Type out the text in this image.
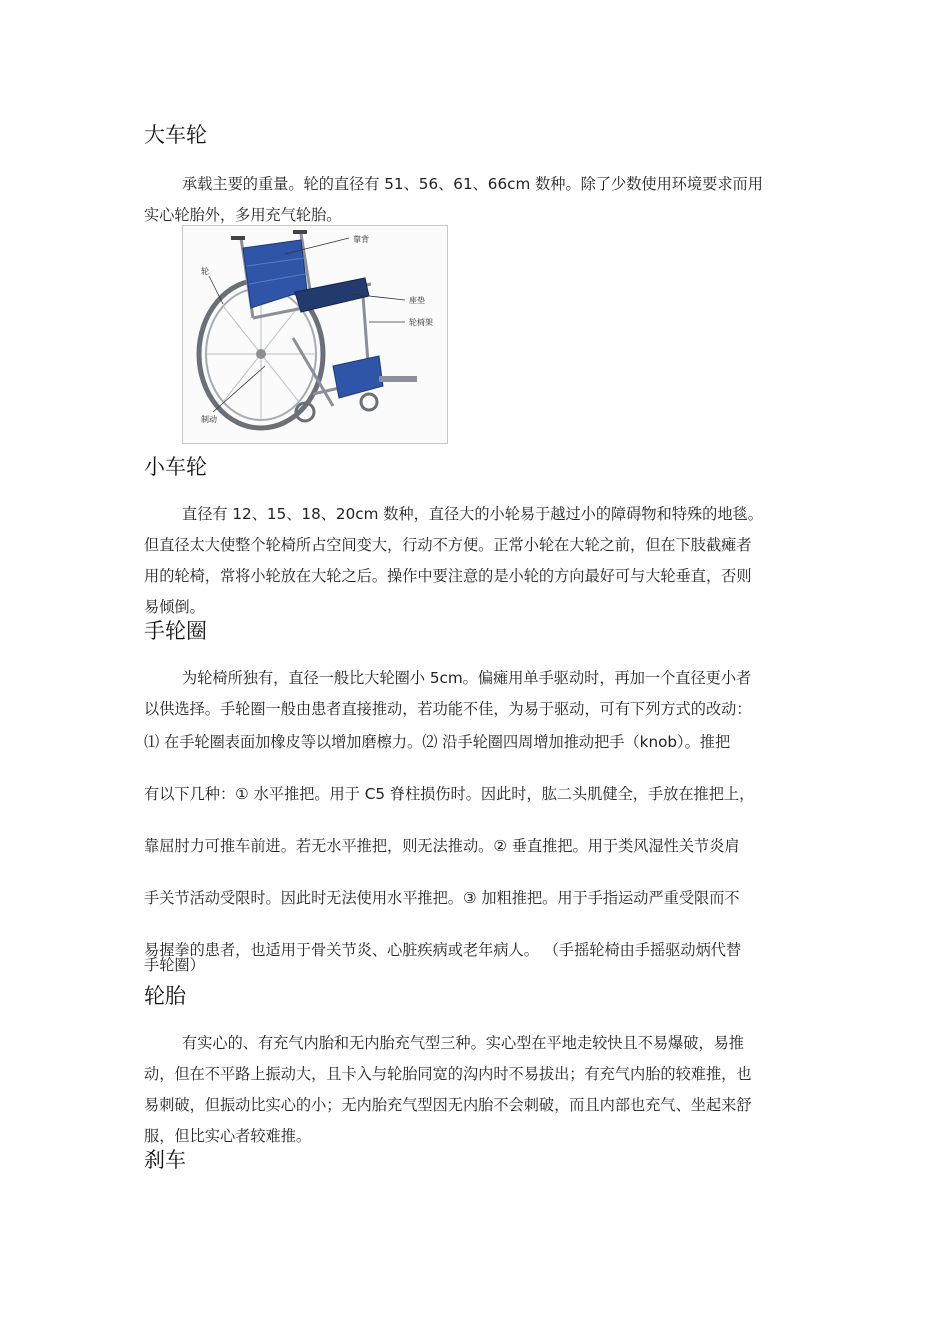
大车轮
承载主要的重量。轮的直径有 51、56、61、66cm 数种。除了少数使用环境要求而用
实心轮胎外，多用充气轮胎。
靠背
轮
座垫
轮椅架
制动
小车轮
直径有 12、15、18、20cm 数种，直径大的小轮易于越过小的障碍物和特殊的地毯。
但直径太大使整个轮椅所占空间变大，行动不方便。正常小轮在大轮之前，但在下肢截瘫者
用的轮椅，常将小轮放在大轮之后。操作中要注意的是小轮的方向最好可与大轮垂直，否则
易倾倒。
手轮圈
为轮椅所独有，直径一般比大轮圈小 5cm。偏瘫用单手驱动时，再加一个直径更小者
以供选择。手轮圈一般由患者直接推动，若功能不佳，为易于驱动，可有下列方式的改动：
⑴ 在手轮圈表面加橡皮等以增加磨檫力。⑵ 沿手轮圈四周增加推动把手（knob）。推把
有以下几种：① 水平推把。用于 C5 脊柱损伤时。因此时，肱二头肌健全，手放在推把上，
靠屈肘力可推车前进。若无水平推把，则无法推动。② 垂直推把。用于类风湿性关节炎肩
手关节活动受限时。因此时无法使用水平推把。③ 加粗推把。用于手指运动严重受限而不
易握拳的患者，也适用于骨关节炎、心脏疾病或老年病人。 （手摇轮椅由手摇驱动炳代替
手轮圈）
轮胎
有实心的、有充气内胎和无内胎充气型三种。实心型在平地走较快且不易爆破，易推
动，但在不平路上振动大，且卡入与轮胎同宽的沟内时不易拔出；有充气内胎的较难推，也
易刺破，但振动比实心的小；无内胎充气型因无内胎不会刺破，而且内部也充气、坐起来舒
服，但比实心者较难推。
刹车
